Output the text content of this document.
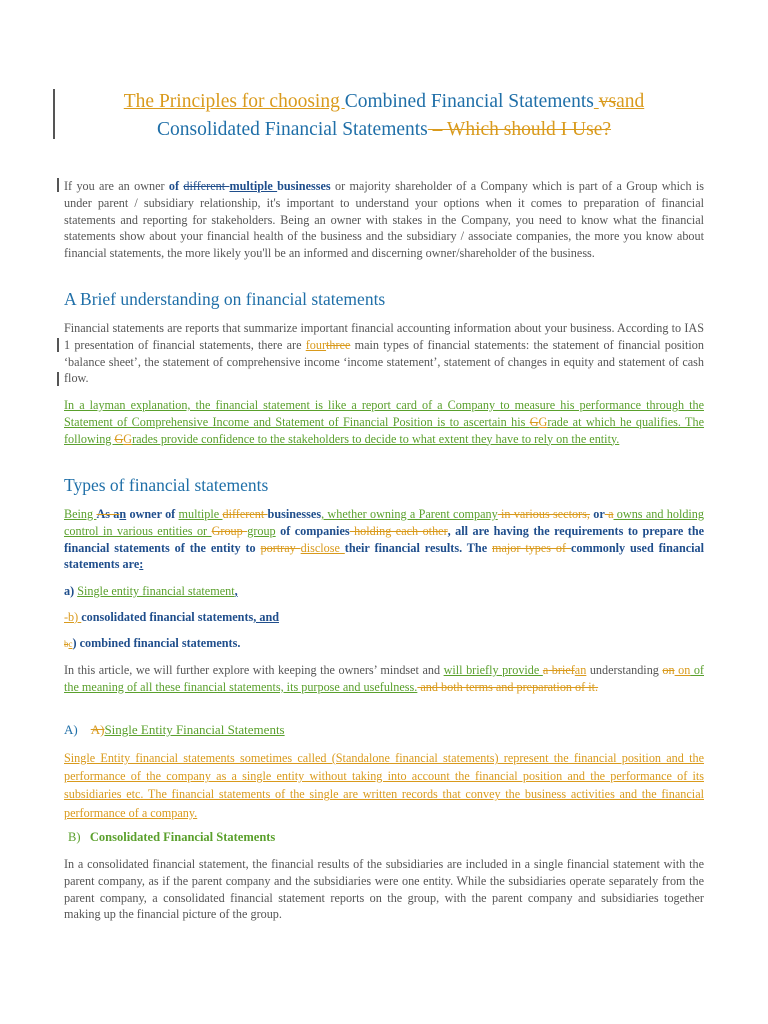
The Principles for choosing Combined Financial Statements vsand
Consolidated Financial Statements – Which should I Use?
If you are an owner of different multiple businesses or majority shareholder of a Company which is part of a Group which is under parent / subsidiary relationship, it's important to understand your options when it comes to preparation of financial statements and reporting for stakeholders. Being an owner with stakes in the Company, you need to know what the financial statements show about your financial health of the business and the subsidiary / associate companies, the more you know about financial statements, the more likely you'll be an informed and discerning owner/shareholder of the business.
A Brief understanding on financial statements
Financial statements are reports that summarize important financial accounting information about your business. According to IAS 1 presentation of financial statements, there are fourthree main types of financial statements: the statement of financial position ‘balance sheet’, the statement of comprehensive income ‘income statement’, statement of changes in equity and statement of cash flow.
In a layman explanation, the financial statement is like a report card of a Company to measure his performance through the Statement of Comprehensive Income and Statement of Financial Position is to ascertain his GGrade at which he qualifies. The following GGrades provide confidence to the stakeholders to decide to what extent they have to rely on the entity.
Types of financial statements
Being As an owner of multiple different businesses, whether owning a Parent company in various sectors, or a owns and holding control in various entities or Group group of companies holding each other, all are having the requirements to prepare the financial statements of the entity to portray disclose their financial results. The major types of commonly used financial statements are:
a) Single entity financial statement,
-b) consolidated financial statements, and
bc) combined financial statements.
In this article, we will further explore with keeping the owners’ mindset and will briefly provide a briefan understanding on on of the meaning of all these financial statements, its purpose and usefulness. and both terms and preparation of it.
A) A)Single Entity Financial Statements
Single Entity financial statements sometimes called (Standalone financial statements) represent the financial position and the performance of the company as a single entity without taking into account the financial position and the performance of its subsidiaries etc. The financial statements of the single are written records that convey the business activities and the financial performance of a company.
B) Consolidated Financial Statements
In a consolidated financial statement, the financial results of the subsidiaries are included in a single financial statement with the parent company, as if the parent company and the subsidiaries were one entity. While the subsidiaries operate separately from the parent company, a consolidated financial statement reports on the group, with the parent company and subsidiaries together making up the financial picture of the group.
